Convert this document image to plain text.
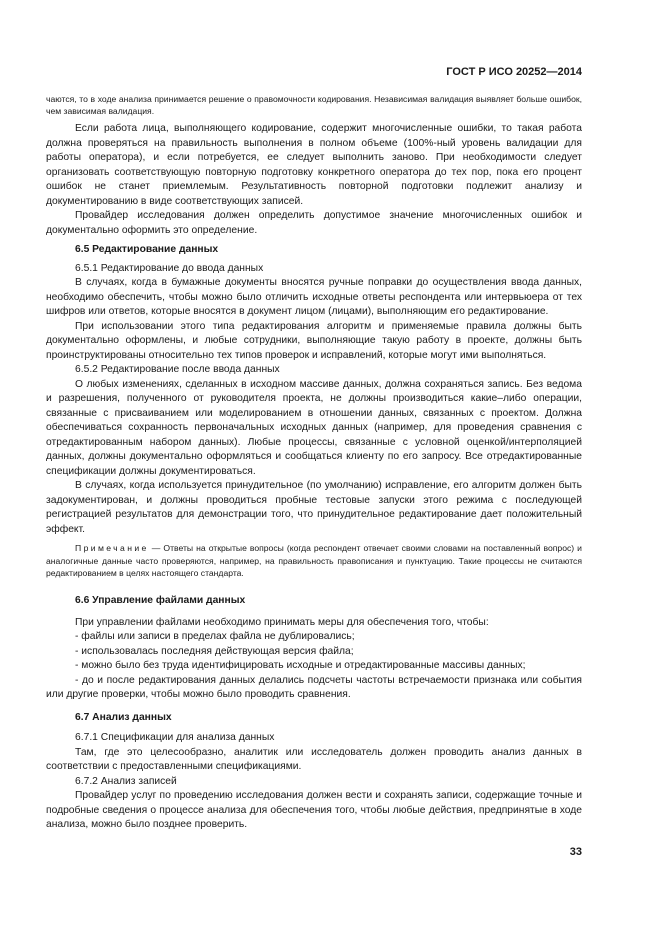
ГОСТ Р ИСО 20252—2014

чаются, то в ходе анализа принимается решение о правомочности кодирования. Независимая валидация выявляет больше ошибок, чем зависимая валидация.

Если работа лица, выполняющего кодирование, содержит многочисленные ошибки, то такая работа должна проверяться на правильность выполнения в полном объеме (100%-ный уровень валидации для работы оператора), и если потребуется, ее следует выполнить заново. При необходимости следует организовать соответствующую повторную подготовку конкретного оператора до тех пор, пока его процент ошибок не станет приемлемым. Результативность повторной подготовки подлежит анализу и документированию в виде соответствующих записей.

Провайдер исследования должен определить допустимое значение многочисленных ошибок и документально оформить это определение.

6.5 Редактирование данных

6.5.1 Редактирование до ввода данных

В случаях, когда в бумажные документы вносятся ручные поправки до осуществления ввода данных, необходимо обеспечить, чтобы можно было отличить исходные ответы респондента или интервьюера от тех шифров или ответов, которые вносятся в документ лицом (лицами), выполняющим его редактирование.

При использовании этого типа редактирования алгоритм и применяемые правила должны быть документально оформлены, и любые сотрудники, выполняющие такую работу в проекте, должны быть проинструктированы относительно тех типов проверок и исправлений, которые могут ими выполняться.

6.5.2 Редактирование после ввода данных

О любых изменениях, сделанных в исходном массиве данных, должна сохраняться запись. Без ведома и разрешения, полученного от руководителя проекта, не должны производиться какие–либо операции, связанные с присваиванием или моделированием в отношении данных, связанных с проектом. Должна обеспечиваться сохранность первоначальных исходных данных (например, для проведения сравнения с отредактированным набором данных). Любые процессы, связанные с условной оценкой/интерполяцией данных, должны документально оформляться и сообщаться клиенту по его запросу. Все отредактированные спецификации должны документироваться.

В случаях, когда используется принудительное (по умолчанию) исправление, его алгоритм должен быть задокументирован, и должны проводиться пробные тестовые запуски этого режима с последующей регистрацией результатов для демонстрации того, что принудительное редактирование дает положительный эффект.

Примечание — Ответы на открытые вопросы (когда респондент отвечает своими словами на поставленный вопрос) и аналогичные данные часто проверяются, например, на правильность правописания и пунктуацию. Такие процессы не считаются редактированием в целях настоящего стандарта.

6.6 Управление файлами данных

При управлении файлами необходимо принимать меры для обеспечения того, чтобы:

- файлы или записи в пределах файла не дублировались;

- использовалась последняя действующая версия файла;

- можно было без труда идентифицировать исходные и отредактированные массивы данных;

- до и после редактирования данных делались подсчеты частоты встречаемости признака или события или другие проверки, чтобы можно было проводить сравнения.

6.7 Анализ данных

6.7.1 Спецификации для анализа данных

Там, где это целесообразно, аналитик или исследователь должен проводить анализ данных в соответствии с предоставленными спецификациями.

6.7.2 Анализ записей

Провайдер услуг по проведению исследования должен вести и сохранять записи, содержащие точные и подробные сведения о процессе анализа для обеспечения того, чтобы любые действия, предпринятые в ходе анализа, можно было позднее проверить.

33
